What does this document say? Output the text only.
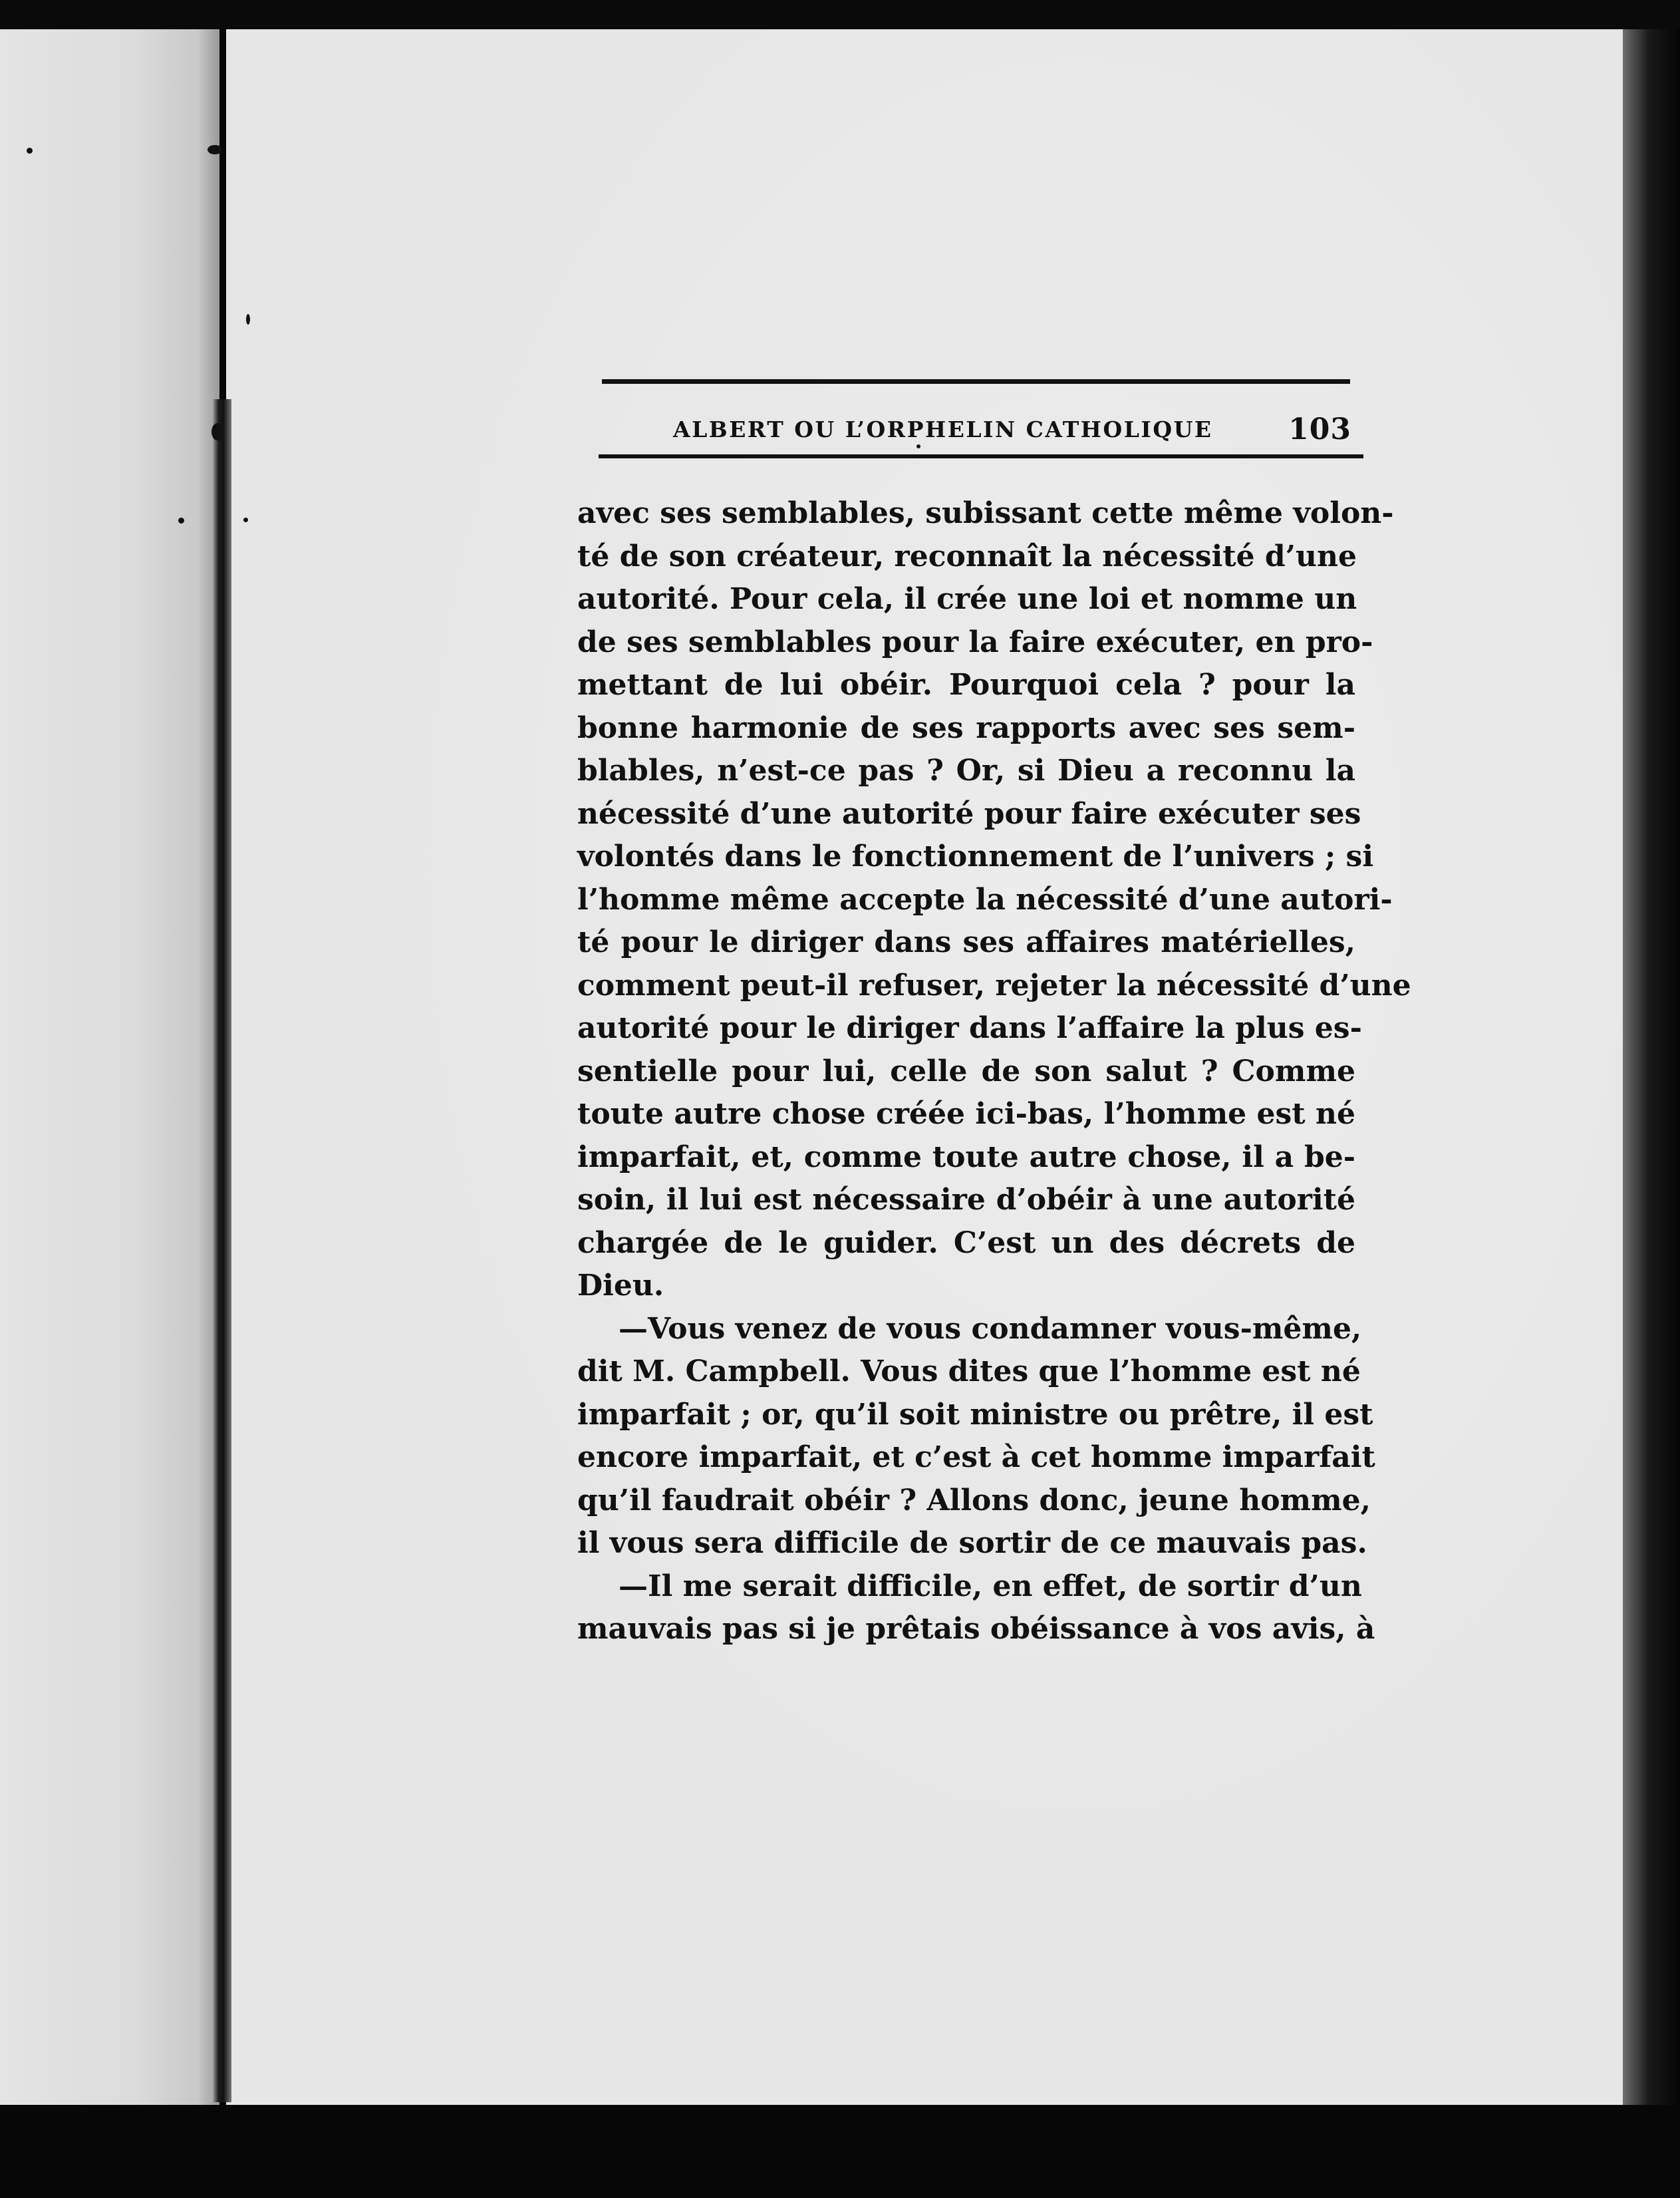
ALBERT OU L’ORPHELIN CATHOLIQUE	103
avec ses semblables, subissant cette même volon-
té de son créateur, reconnaît la nécessité d’une
autorité. Pour cela, il crée une loi et nomme un
de ses semblables pour la faire exécuter, en pro-
mettant de lui obéir. Pourquoi cela ? pour la
bonne harmonie de ses rapports avec ses sem-
blables, n’est-ce pas ? Or, si Dieu a reconnu la
nécessité d’une autorité pour faire exécuter ses
volontés dans le fonctionnement de l’univers ; si
l’homme même accepte la nécessité d’une autori-
té pour le diriger dans ses affaires matérielles,
comment peut-il refuser, rejeter la nécessité d’une
autorité pour le diriger dans l’affaire la plus es-
sentielle pour lui, celle de son salut ? Comme
toute autre chose créée ici-bas, l’homme est né
imparfait, et, comme toute autre chose, il a be-
soin, il lui est nécessaire d’obéir à une autorité
chargée de le guider. C’est un des décrets de
Dieu.
—Vous venez de vous condamner vous-même,
dit M. Campbell. Vous dites que l’homme est né
imparfait ; or, qu’il soit ministre ou prêtre, il est
encore imparfait, et c’est à cet homme imparfait
qu’il faudrait obéir ? Allons donc, jeune homme,
il vous sera difficile de sortir de ce mauvais pas.
—Il me serait difficile, en effet, de sortir d’un
mauvais pas si je prêtais obéissance à vos avis, à
